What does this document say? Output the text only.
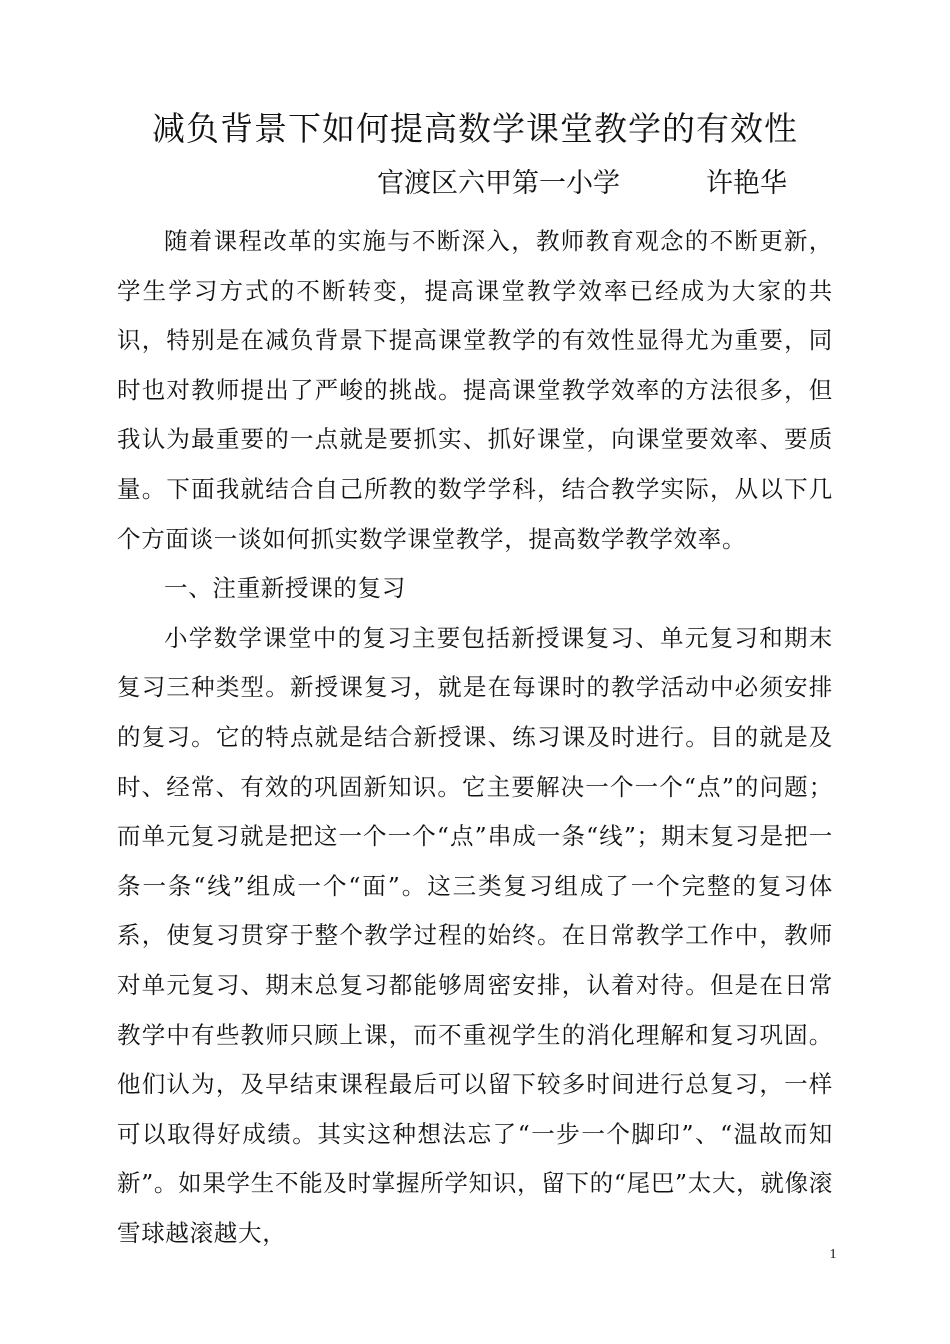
减负背景下如何提高数学课堂教学的有效性
官渡区六甲第一小学	许艳华

随着课程改革的实施与不断深入，教师教育观念的不断更新，学生学习方式的不断转变，提高课堂教学效率已经成为大家的共识，特别是在减负背景下提高课堂教学的有效性显得尤为重要，同时也对教师提出了严峻的挑战。提高课堂教学效率的方法很多，但我认为最重要的一点就是要抓实、抓好课堂，向课堂要效率、要质量。下面我就结合自己所教的数学学科，结合教学实际，从以下几个方面谈一谈如何抓实数学课堂教学，提高数学教学效率。

一、注重新授课的复习

小学数学课堂中的复习主要包括新授课复习、单元复习和期末复习三种类型。新授课复习，就是在每课时的教学活动中必须安排的复习。它的特点就是结合新授课、练习课及时进行。目的就是及时、经常、有效的巩固新知识。它主要解决一个一个“点”的问题；而单元复习就是把这一个一个“点”串成一条“线”；期末复习是把一条一条“线”组成一个“面”。这三类复习组成了一个完整的复习体系，使复习贯穿于整个教学过程的始终。在日常教学工作中，教师对单元复习、期末总复习都能够周密安排，认着对待。但是在日常教学中有些教师只顾上课，而不重视学生的消化理解和复习巩固。他们认为，及早结束课程最后可以留下较多时间进行总复习，一样可以取得好成绩。其实这种想法忘了“一步一个脚印”、“温故而知新”。如果学生不能及时掌握所学知识，留下的“尾巴”太大，就像滚雪球越滚越大，

1
